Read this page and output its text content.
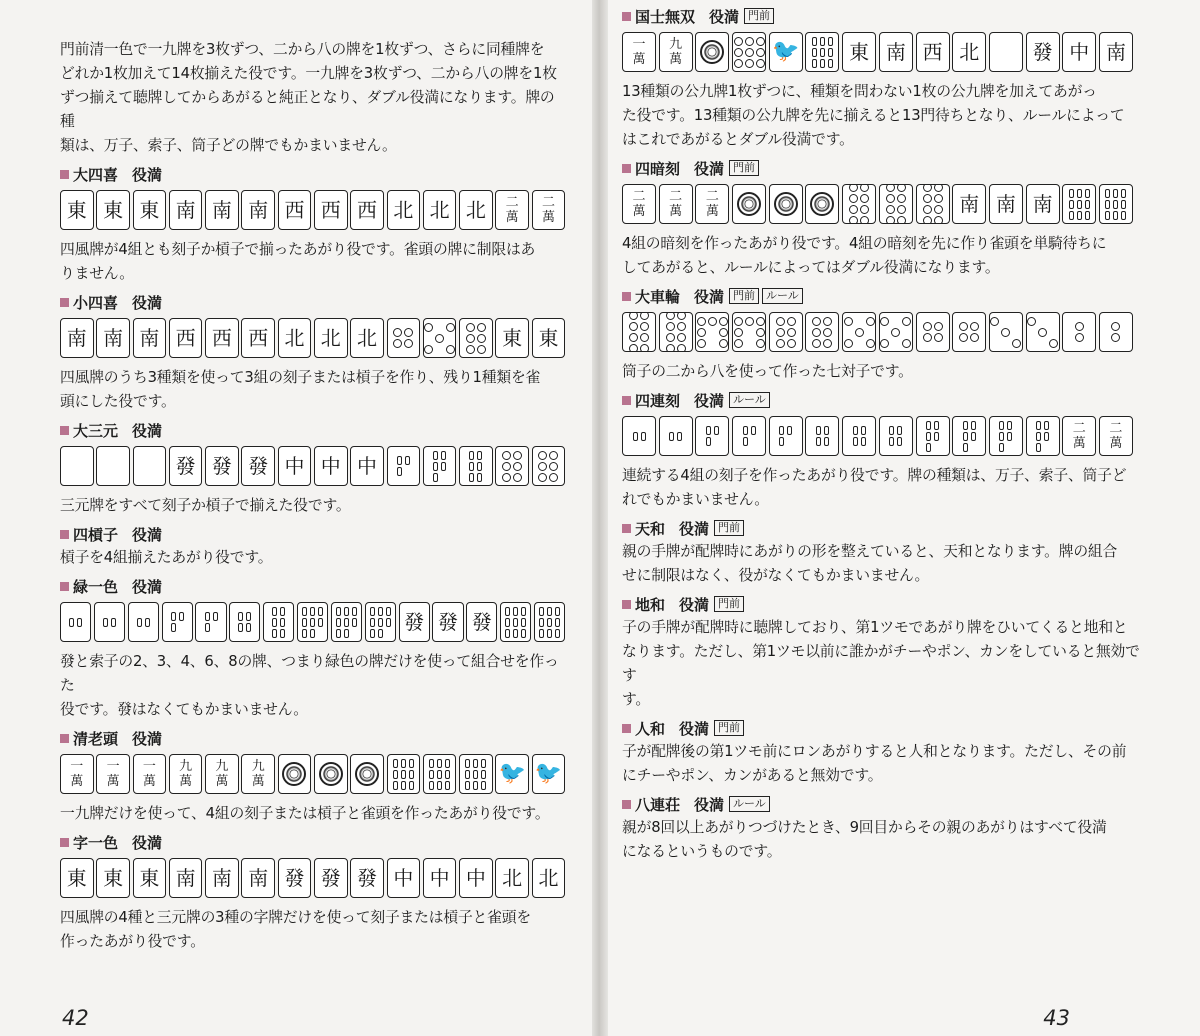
門前清一色で一九牌を3枚ずつ、二から八の牌を1枚ずつ、さらに同種牌を
どれか1枚加えて14枚揃えた役です。一九牌を3枚ずつ、二から八の牌を1枚
ずつ揃えて聴牌してからあがると純正となり、ダブル役満になります。牌の種
類は、万子、索子、筒子どの牌でもかまいません。

大四喜 役満
東 東 東 南 南 南 西 西 西 北 北 北 二
萬
二
萬

四風牌が4組とも刻子か槓子で揃ったあがり役です。雀頭の牌に制限はあ
りません。

小四喜 役満
南 南 南 西 西 西 北 北 北	東 東

四風牌のうち3種類を使って3組の刻子または槓子を作り、残り1種類を雀
頭にした役です。

大三元 役満
發 發 發 中 中 中

三元牌をすべて刻子か槓子で揃えた役です。

四槓子 役満

槓子を4組揃えたあがり役です。

緑一色 役満
發 發 發

發と索子の2、3、4、6、8の牌、つまり緑色の牌だけを使って組合せを作った
役です。發はなくてもかまいません。

清老頭 役満
一
萬
一
萬
一
萬
九
萬
九
萬
九
萬	🐦 🐦

一九牌だけを使って、4組の刻子または槓子と雀頭を作ったあがり役です。

字一色 役満
東 東 東 南 南 南 發 發 發 中 中 中 北 北

四風牌の4種と三元牌の3種の字牌だけを使って刻子または槓子と雀頭を
作ったあがり役です。

42
国士無双 役満 門前
一
萬
九
萬	🐦 東 南 西 北	發 中 南

13種類の公九牌1枚ずつに、種類を問わない1枚の公九牌を加えてあがっ
た役です。13種類の公九牌を先に揃えると13門待ちとなり、ルールによって
はこれであがるとダブル役満です。

四暗刻 役満 門前
二
萬
二
萬
二
萬	南 南 南

4組の暗刻を作ったあがり役です。4組の暗刻を先に作り雀頭を単騎待ちに
してあがると、ルールによってはダブル役満になります。

大車輪 役満 門前	ルール

筒子の二から八を使って作った七対子です。

四連刻 役満 ルール
二
萬
二
萬

連続する4組の刻子を作ったあがり役です。牌の種類は、万子、索子、筒子ど
れでもかまいません。

天和 役満 門前

親の手牌が配牌時にあがりの形を整えていると、天和となります。牌の組合
せに制限はなく、役がなくてもかまいません。

地和 役満 門前

子の手牌が配牌時に聴牌しており、第1ツモであがり牌をひいてくると地和と
なります。ただし、第1ツモ以前に誰かがチーやポン、カンをしていると無効です
す。

人和 役満 門前

子が配牌後の第1ツモ前にロンあがりすると人和となります。ただし、その前
にチーやポン、カンがあると無効です。

八連荘 役満 ルール

親が8回以上あがりつづけたとき、9回目からその親のあがりはすべて役満
になるというものです。

43
